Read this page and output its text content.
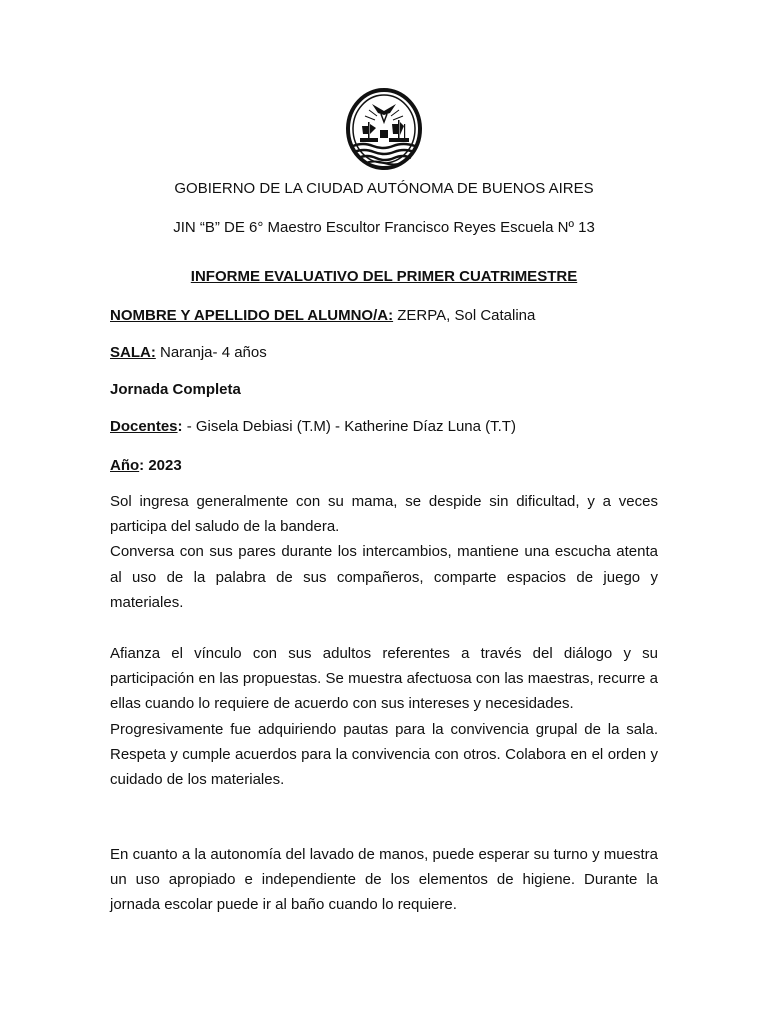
GOBIERNO DE LA CIUDAD AUTÓNOMA DE BUENOS AIRES
JIN “B” DE 6° Maestro Escultor Francisco Reyes Escuela Nº 13
INFORME EVALUATIVO DEL PRIMER CUATRIMESTRE
NOMBRE Y APELLIDO DEL ALUMNO/A: ZERPA, Sol Catalina
SALA: Naranja- 4 años
Jornada Completa
Docentes: - Gisela Debiasi (T.M) - Katherine Díaz Luna (T.T)
Año: 2023

Sol ingresa generalmente con su mama, se despide sin dificultad, y a veces participa del saludo de la bandera.
Conversa con sus pares durante los intercambios, mantiene una escucha atenta al uso de la palabra de sus compañeros, comparte espacios de juego y materiales.

Afianza el vínculo con sus adultos referentes a través del diálogo y su participación en las propuestas. Se muestra afectuosa con las maestras, recurre a ellas cuando lo requiere de acuerdo con sus intereses y necesidades.
Progresivamente fue adquiriendo pautas para la convivencia grupal de la sala. Respeta y cumple acuerdos para la convivencia con otros. Colabora en el orden y cuidado de los materiales.

En cuanto a la autonomía del lavado de manos, puede esperar su turno y muestra un uso apropiado e independiente de los elementos de higiene. Durante la jornada escolar puede ir al baño cuando lo requiere.
